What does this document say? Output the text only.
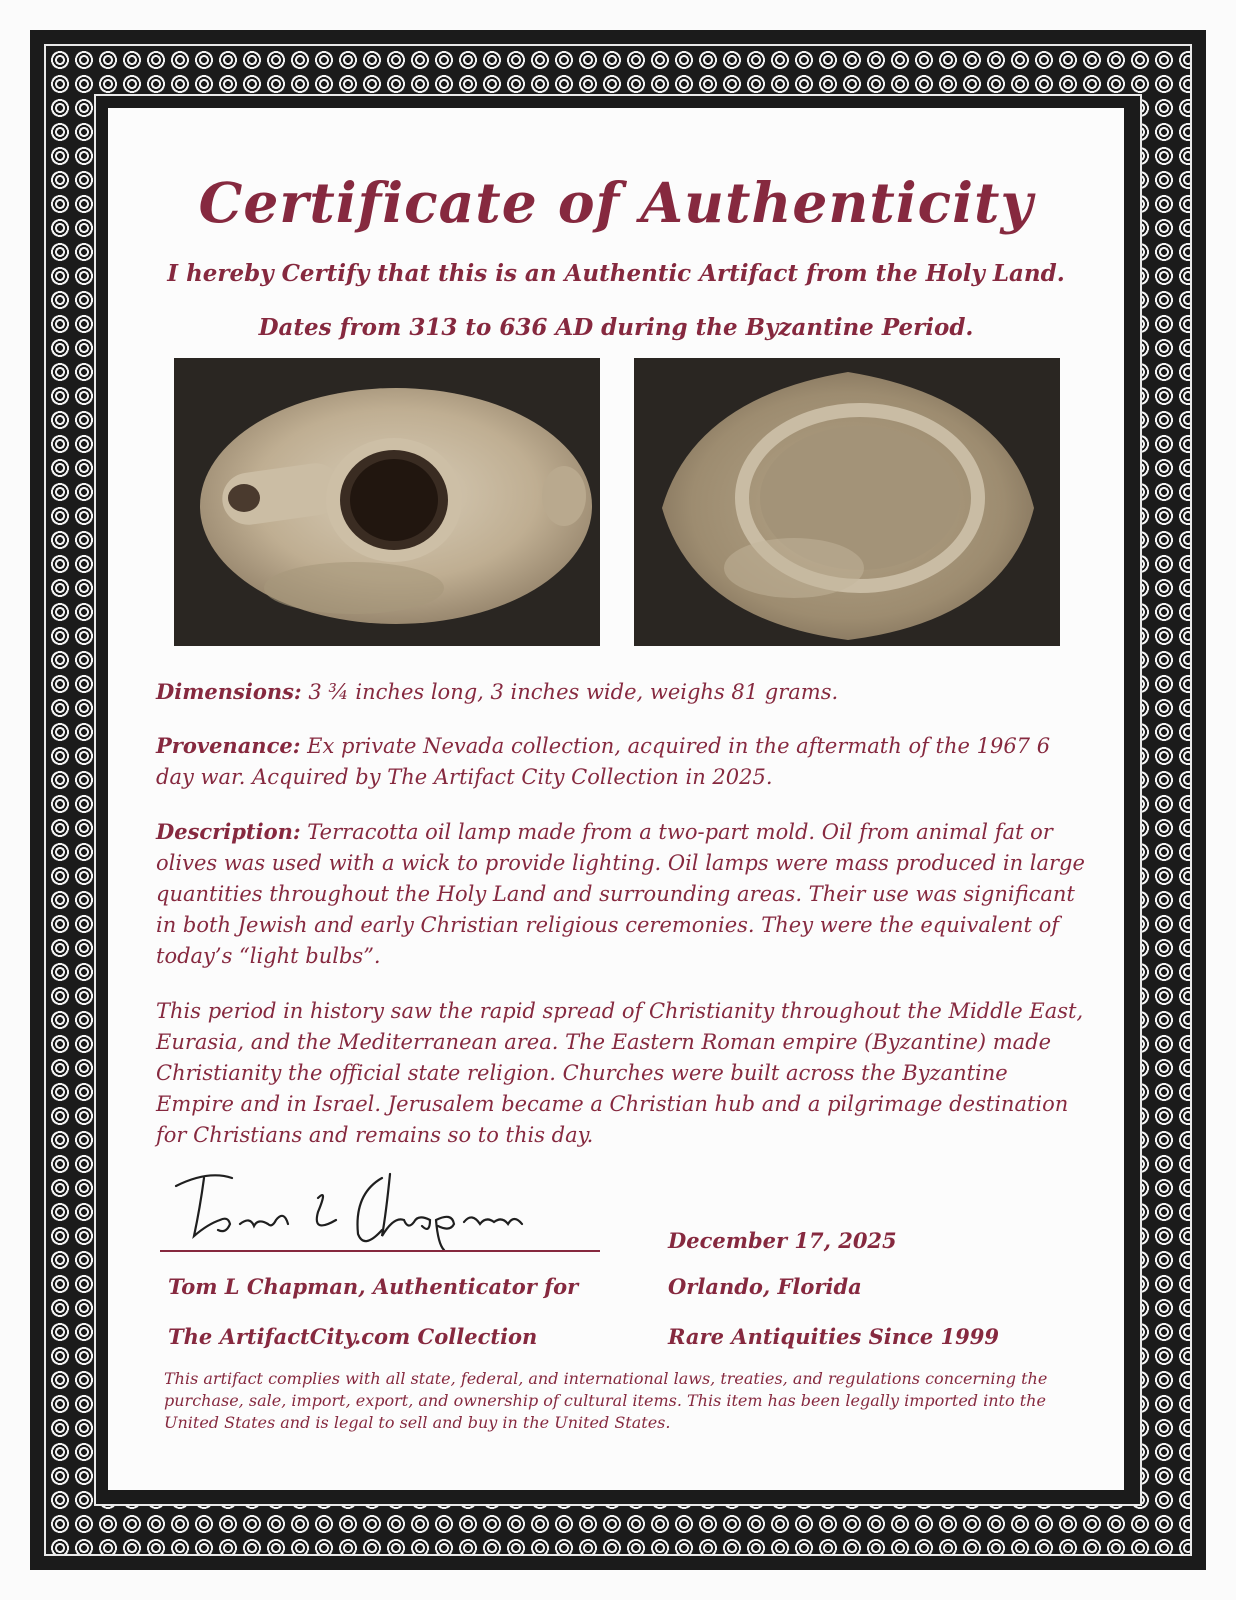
Certificate of Authenticity
I hereby Certify that this is an Authentic Artifact from the Holy Land.
Dates from 313 to 636 AD during the Byzantine Period.
Dimensions: 3 ¾ inches long, 3 inches wide, weighs 81 grams.
Provenance: Ex private Nevada collection, acquired in the aftermath of the 1967 6 day war. Acquired by The Artifact City Collection in 2025.
Description: Terracotta oil lamp made from a two-part mold. Oil from animal fat or olives was used with a wick to provide lighting. Oil lamps were mass produced in large quantities throughout the Holy Land and surrounding areas. Their use was significant in both Jewish and early Christian religious ceremonies. They were the equivalent of today’s “light bulbs”.
This period in history saw the rapid spread of Christianity throughout the Middle East, Eurasia, and the Mediterranean area. The Eastern Roman empire (Byzantine) made Christianity the official state religion. Churches were built across the Byzantine Empire and in Israel. Jerusalem became a Christian hub and a pilgrimage destination for Christians and remains so to this day.
Tom L Chapman, Authenticator for
The ArtifactCity.com Collection
December 17, 2025
Orlando, Florida
Rare Antiquities Since 1999
This artifact complies with all state, federal, and international laws, treaties, and regulations concerning the purchase, sale, import, export, and ownership of cultural items. This item has been legally imported into the United States and is legal to sell and buy in the United States.
